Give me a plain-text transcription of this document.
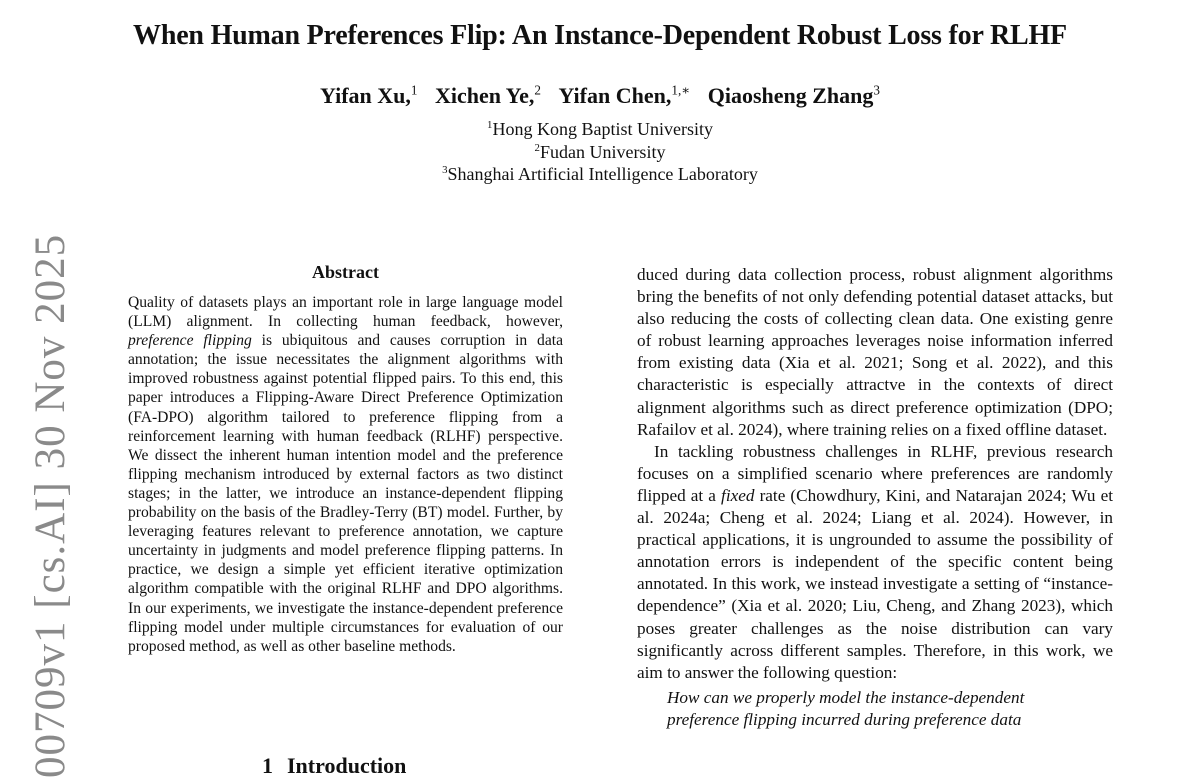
When Human Preferences Flip: An Instance-Dependent Robust Loss for RLHF
Yifan Xu,$^1$ Xichen Ye,$^2$ Yifan Chen,$^{1,∗}$ Qiaosheng Zhang$^3$
$^1$Hong Kong Baptist University
$^2$Fudan University
$^3$Shanghai Artificial Intelligence Laboratory
00709v1 [cs.AI] 30 Nov 2025	Abstract

Quality of datasets plays an important role in large language model (LLM) alignment. In collecting human feedback, however, preference flipping is ubiquitous and causes corruption in data annotation; the issue necessitates the alignment algorithms with improved robustness against potential flipped pairs. To this end, this paper introduces a Flipping-Aware Direct Preference Optimization (FA-DPO) algorithm tailored to preference flipping from a reinforcement learning with human feedback (RLHF) perspective. We dissect the inherent human intention model and the preference flipping mechanism introduced by external factors as two distinct stages; in the latter, we introduce an instance-dependent flipping probability on the basis of the Bradley-Terry (BT) model. Further, by leveraging features relevant to preference annotation, we capture uncertainty in judgments and model preference flipping patterns. In practice, we design a simple yet efficient iterative optimization algorithm compatible with the original RLHF and DPO algorithms. In our experiments, we investigate the instance-dependent preference flipping model under multiple circumstances for evaluation of our proposed method, as well as other baseline methods.

1 Introduction

duced during data collection process, robust alignment algorithms bring the benefits of not only defending potential dataset attacks, but also reducing the costs of collecting clean data. One existing genre of robust learning approaches leverages noise information inferred from existing data (Xia et al. 2021; Song et al. 2022), and this characteristic is especially attractve in the contexts of direct alignment algorithms such as direct preference optimization (DPO; Rafailov et al. 2024), where training relies on a fixed offline dataset.

In tackling robustness challenges in RLHF, previous research focuses on a simplified scenario where preferences are randomly flipped at a fixed rate (Chowdhury, Kini, and Natarajan 2024; Wu et al. 2024a; Cheng et al. 2024; Liang et al. 2024). However, in practical applications, it is ungrounded to assume the possibility of annotation errors is independent of the specific content being annotated. In this work, we instead investigate a setting of “instance-dependence” (Xia et al. 2020; Liu, Cheng, and Zhang 2023), which poses greater challenges as the noise distribution can vary significantly across different samples. Therefore, in this work, we aim to answer the following question:

How can we properly model the instance-dependent preference flipping incurred during preference data
